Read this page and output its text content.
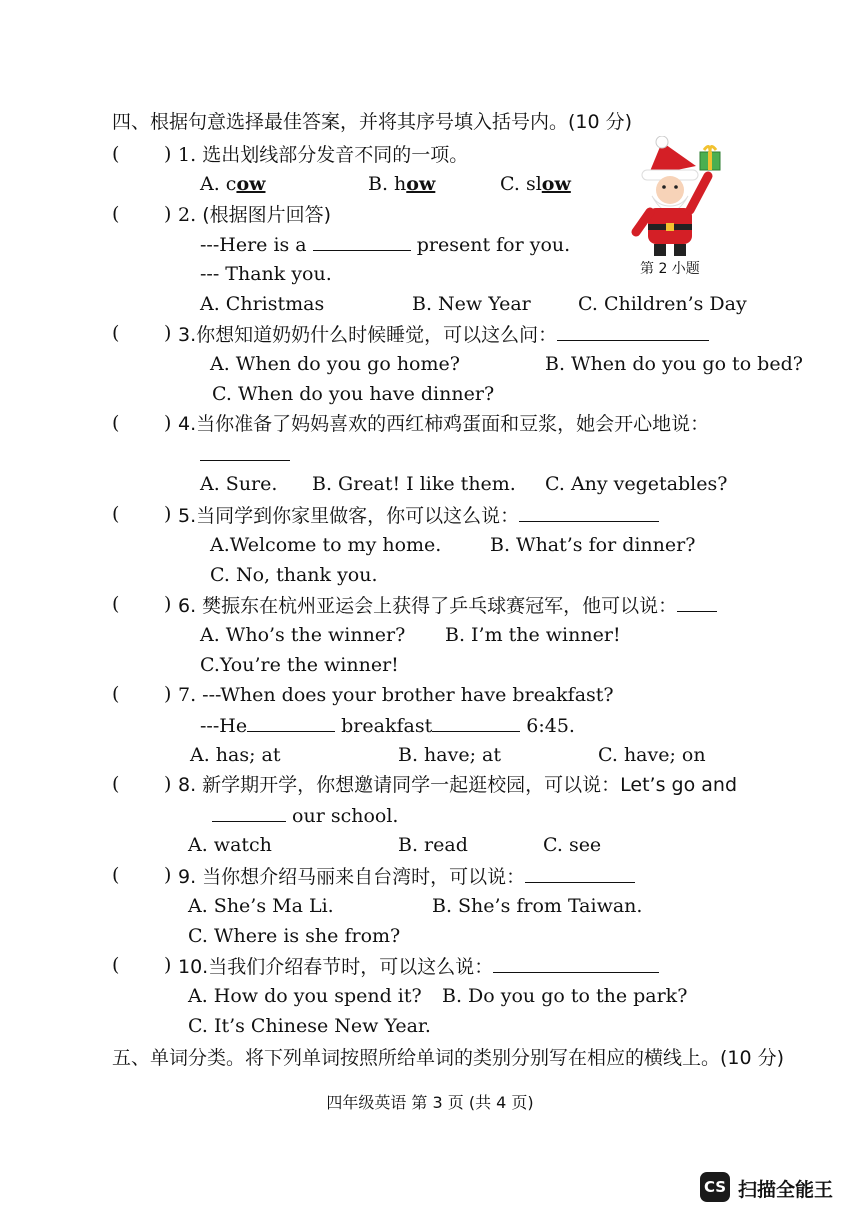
四、根据句意选择最佳答案，并将其序号填入括号内。(10 分)
( ) 1. 选出划线部分发音不同的一项。
A. cow	B. how	C. slow
第 2 小题
( ) 2. (根据图片回答)
---Here is a	present for you.
--- Thank you.
A. Christmas	B. New Year C. Children’s Day
( ) 3.你想知道奶奶什么时候睡觉，可以这么问：
A. When do you go home?	B. When do you go to bed?
C. When do you have dinner?
( ) 4.当你准备了妈妈喜欢的西红柿鸡蛋面和豆浆，她会开心地说：
A. Sure. B. Great! I like them. C. Any vegetables?
( ) 5.当同学到你家里做客，你可以这么说：
A.Welcome to my home.	B. What’s for dinner?
C. No, thank you.
( ) 6. 樊振东在杭州亚运会上获得了乒乓球赛冠军，他可以说：
A. Who’s the winner? B. I’m the winner!
C.You’re the winner!
( ) 7. ---When does your brother have breakfast?
---He	breakfast	6:45.
A. has; at	B. have; at	C. have; on
( ) 8. 新学期开学，你想邀请同学一起逛校园，可以说：Let’s go and
our school.
A. watch	B. read	C. see
( ) 9. 当你想介绍马丽来自台湾时，可以说：
A. She’s Ma Li.	B. She’s from Taiwan.
C. Where is she from?
( ) 10.当我们介绍春节时，可以这么说：
A. How do you spend it? B. Do you go to the park?
C. It’s Chinese New Year.
五、单词分类。将下列单词按照所给单词的类别分别写在相应的横线上。(10 分)
四年级英语 第 3 页 (共 4 页)
CS 扫描全能王
